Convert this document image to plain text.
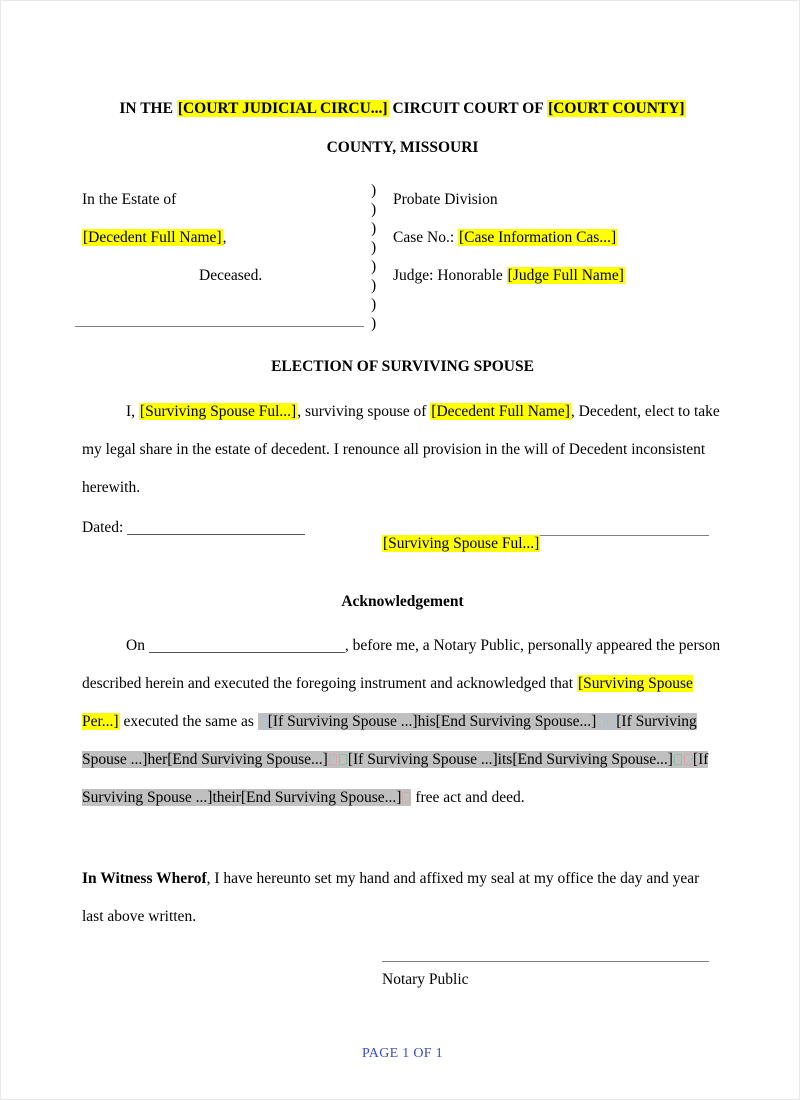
IN THE [COURT JUDICIAL CIRCU...] CIRCUIT COURT OF [COURT COUNTY]
COUNTY, MISSOURI
In the Estate of
[Decedent Full Name],
Deceased.
)
)
)
)
)
)
)
)
Probate Division
Case No.: [Case Information Cas...]
Judge: Honorable [Judge Full Name]
ELECTION OF SURVIVING SPOUSE
I, [Surviving Spouse Ful...], surviving spouse of [Decedent Full Name], Decedent, elect to take my legal share in the estate of decedent. I renounce all provision in the will of Decedent inconsistent herewith.
Dated:
[Surviving Spouse Ful...]
Acknowledgement
On	, before me, a Notary Public, personally appeared the person described herein and executed the foregoing instrument and acknowledged that [Surviving Spouse Per...] executed the same as [If Surviving Spouse ...]his[End Surviving Spouse...] [If Surviving Spouse ...]her[End Surviving Spouse...] [If Surviving Spouse ...]its[End Surviving Spouse...] [If Surviving Spouse ...]their[End Surviving Spouse...] free act and deed.
In Witness Wherof, I have hereunto set my hand and affixed my seal at my office the day and year last above written.
Notary Public
PAGE 1 OF 1
